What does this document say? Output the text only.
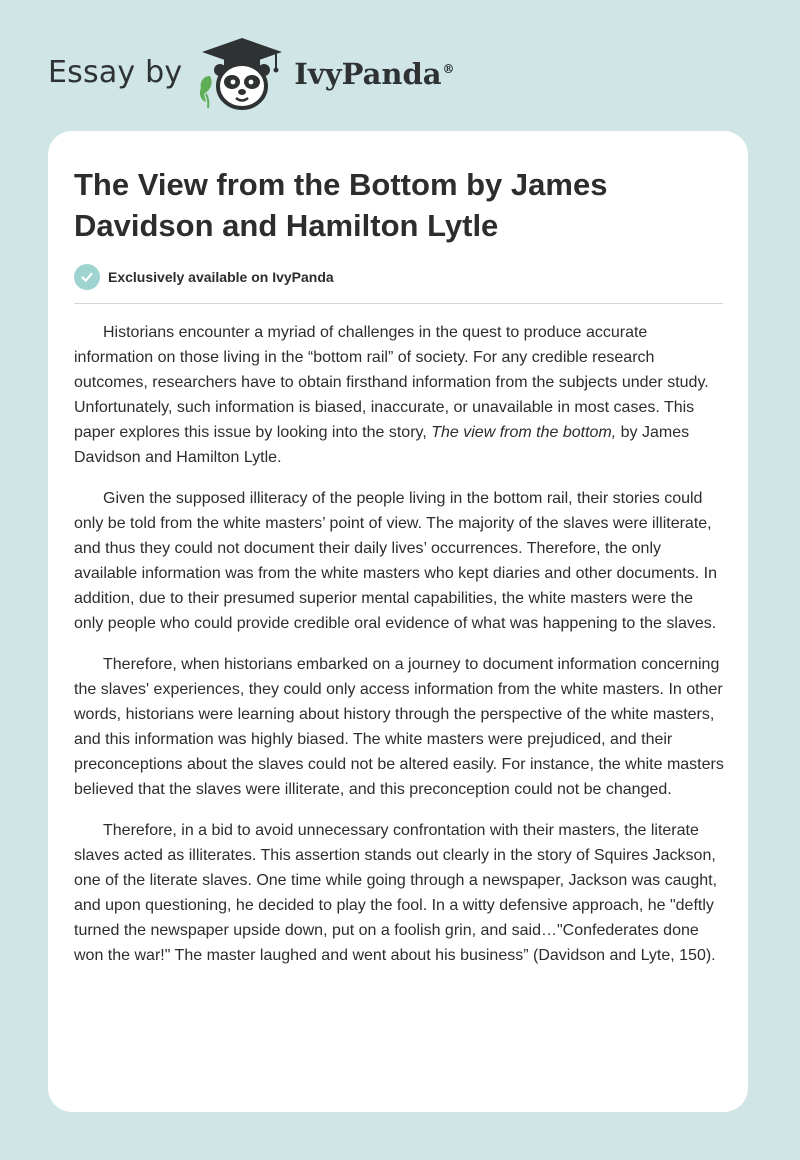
Essay by	IvyPanda®
The View from the Bottom by James Davidson and Hamilton Lytle
Exclusively available on IvyPanda

Historians encounter a myriad of challenges in the quest to produce accurate information on those living in the “bottom rail” of society. For any credible research outcomes, researchers have to obtain firsthand information from the subjects under study. Unfortunately, such information is biased, inaccurate, or unavailable in most cases. This paper explores this issue by looking into the story, The view from the bottom, by James Davidson and Hamilton Lytle.

Given the supposed illiteracy of the people living in the bottom rail, their stories could only be told from the white masters’ point of view. The majority of the slaves were illiterate, and thus they could not document their daily lives’ occurrences. Therefore, the only available information was from the white masters who kept diaries and other documents. In addition, due to their presumed superior mental capabilities, the white masters were the only people who could provide credible oral evidence of what was happening to the slaves.

Therefore, when historians embarked on a journey to document information concerning the slaves' experiences, they could only access information from the white masters. In other words, historians were learning about history through the perspective of the white masters, and this information was highly biased. The white masters were prejudiced, and their preconceptions about the slaves could not be altered easily. For instance, the white masters believed that the slaves were illiterate, and this preconception could not be changed.

Therefore, in a bid to avoid unnecessary confrontation with their masters, the literate slaves acted as illiterates. This assertion stands out clearly in the story of Squires Jackson, one of the literate slaves. One time while going through a newspaper, Jackson was caught, and upon questioning, he decided to play the fool. In a witty defensive approach, he "deftly turned the newspaper upside down, put on a foolish grin, and said…"Confederates done won the war!" The master laughed and went about his business” (Davidson and Lyte, 150).
